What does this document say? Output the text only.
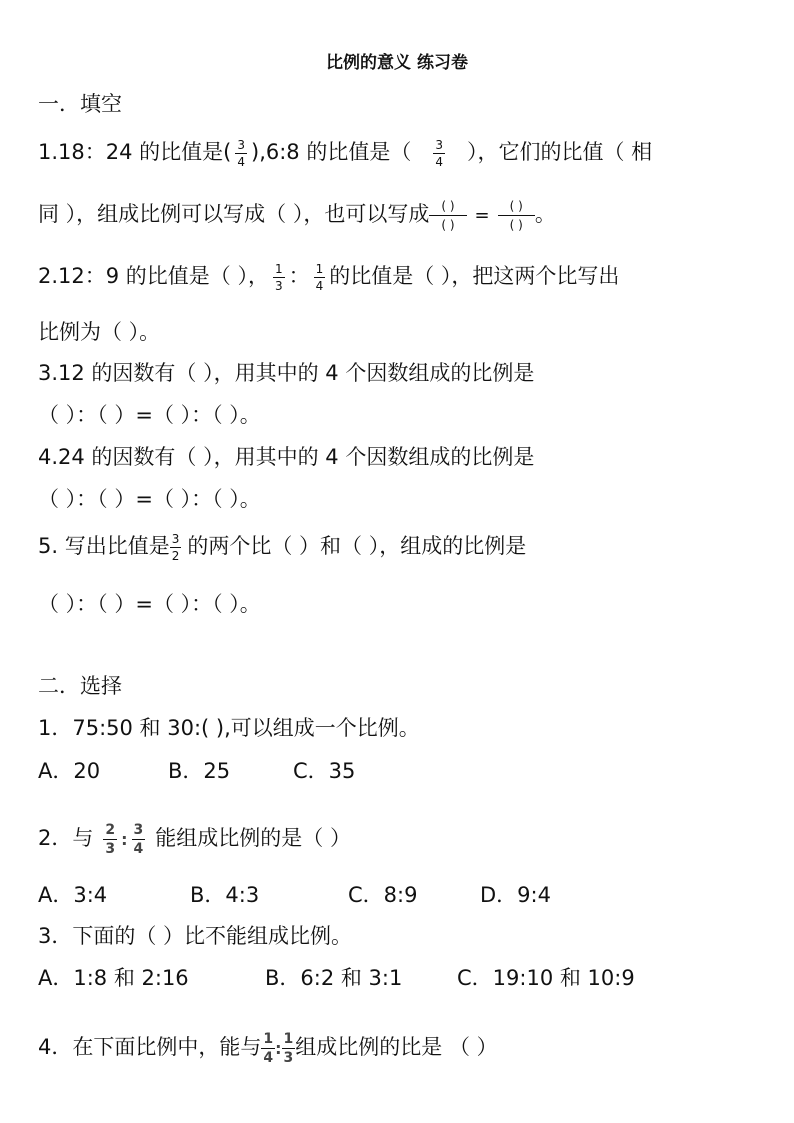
比例的意义 练习卷
一．填空
1.18：24 的比值是( $\frac{3}{4}$ ),6:8 的比值是（ $\frac{3}{4}$ ），它们的比值（ 相
同 ），组成比例可以写成（ ），也可以写成	( )
( )	=	( )
( ) 。
2.12：9 的比值是（ ）， $\frac{1}{3}$ ： $\frac{1}{4}$ 的比值是（ ），把这两个比写出
比例为（ ）。
3.12 的因数有（ ），用其中的 4 个因数组成的比例是
（ ）：（ ）=（ ）：（ ）。
4.24 的因数有（ ），用其中的 4 个因数组成的比例是
（ ）：（ ）=（ ）：（ ）。
5. 写出比值是 $\frac{3}{2}$ 的两个比（ ）和（ ），组成的比例是
（ ）：（ ）=（ ）：（ ）。
二．选择
1．75:50 和 30:( ),可以组成一个比例。
A．20	B．25	C．35
2．与 $\frac{2}{3}$ : $\frac{3}{4}$ 能组成比例的是（ ）
A．3:4	B．4:3	C．8:9	D．9:4
3．下面的（ ）比不能组成比例。
A．1:8 和 2:16	B．6:2 和 3:1	C．19:10 和 10:9
4．在下面比例中，能与 $\frac{1}{4}$ : $\frac{1}{3}$ 组成比例的比是 （ ）
